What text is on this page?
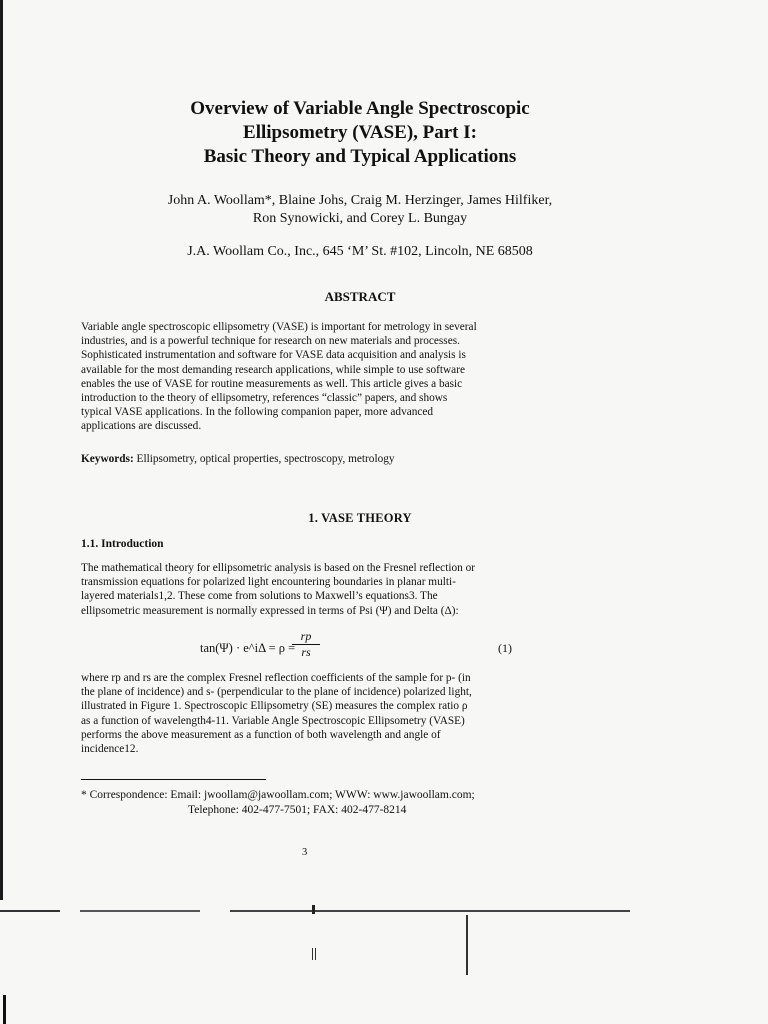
Overview of Variable Angle Spectroscopic
Ellipsometry (VASE), Part I:
Basic Theory and Typical Applications
John A. Woollam*, Blaine Johs, Craig M. Herzinger, James Hilfiker,
Ron Synowicki, and Corey L. Bungay
J.A. Woollam Co., Inc., 645 ‘M’ St. #102, Lincoln, NE 68508
ABSTRACT
Variable angle spectroscopic ellipsometry (VASE) is important for metrology in several
industries, and is a powerful technique for research on new materials and processes.
Sophisticated instrumentation and software for VASE data acquisition and analysis is
available for the most demanding research applications, while simple to use software
enables the use of VASE for routine measurements as well. This article gives a basic
introduction to the theory of ellipsometry, references “classic” papers, and shows
typical VASE applications. In the following companion paper, more advanced
applications are discussed.
Keywords: Ellipsometry, optical properties, spectroscopy, metrology
1. VASE THEORY
1.1. Introduction
The mathematical theory for ellipsometric analysis is based on the Fresnel reflection or
transmission equations for polarized light encountering boundaries in planar multi-
layered materials1,2. These come from solutions to Maxwell’s equations3. The
ellipsometric measurement is normally expressed in terms of Psi (Ψ) and Delta (Δ):
tan(Ψ) · e^iΔ = ρ =
$\frac{rp}{rs}$	(1)
where rp and rs are the complex Fresnel reflection coefficients of the sample for p- (in
the plane of incidence) and s- (perpendicular to the plane of incidence) polarized light,
illustrated in Figure 1. Spectroscopic Ellipsometry (SE) measures the complex ratio ρ
as a function of wavelength4-11. Variable Angle Spectroscopic Ellipsometry (VASE)
performs the above measurement as a function of both wavelength and angle of
incidence12.
* Correspondence: Email: jwoollam@jawoollam.com; WWW: www.jawoollam.com;
Telephone: 402-477-7501; FAX: 402-477-8214
3
